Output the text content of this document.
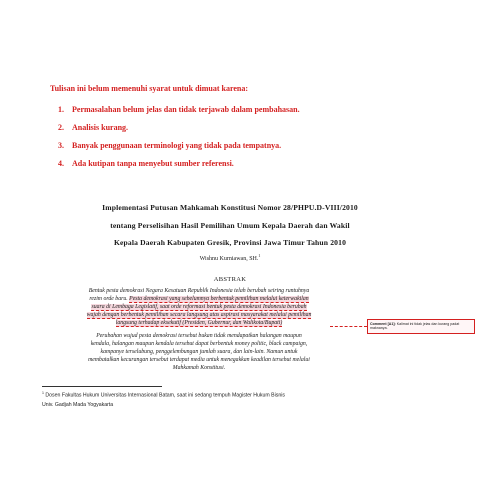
Tulisan ini belum memenuhi syarat untuk dimuat karena:
1. Permasalahan belum jelas dan tidak terjawab dalam pembahasan.
2. Analisis kurang.
3. Banyak penggunaan terminologi yang tidak pada tempatnya.
4. Ada kutipan tanpa menyebut sumber referensi.
Implementasi Putusan Mahkamah Konstitusi Nomor 28/PHPU.D-VIII/2010
tentang Perselisihan Hasil Pemilihan Umum Kepala Daerah dan Wakil
Kepala Daerah Kabupaten Gresik, Provinsi Jawa Timur Tahun 2010
Wishnu Kurniawan, SH.$^1$
ABSTRAK
Bentuk pesta demokrasi Negara Kesatuan Republik Indonesia telah berubah seiring runtuhnya
rezim orde baru. Pesta demokrasi yang sebelumnya berbentuk pemilihan melalui keterwakilan
suara di Lembaga Legislatif, saat orde reformasi bentuk pesta demokrasi Indonesia berubah
wajah dengan berbentuk pemilihan secara langsung atas aspirasi masyarakat melalui pemilihan
langsung terhadap eksekutif (Presiden, Gubernur, dan Walikota/Bupati)	Comment [A1]: Kalimat ini tidak jelas dan kurang padat maknanya.
Perubahan wujud pesta demokrasi tersebut bukan tidak mendapatkan halangan maupun
kendala, halangan maupun kendala tersebut dapat berbentuk money politic, black campaign,
kampanye terselubung, penggelembungan jumlah suara, dan lain-lain. Namun untuk
membatalkan kecurangan tersebut terdapat media untuk menegakkan keadilan tersebut melalui
Mahkamah Konstitusi.
$^1$ Dosen Fakultas Hukum Universitas Internasional Batam, saat ini sedang tempuh Magister Hukum Bisnis
Univ. Gadjah Mada Yogyakarta
